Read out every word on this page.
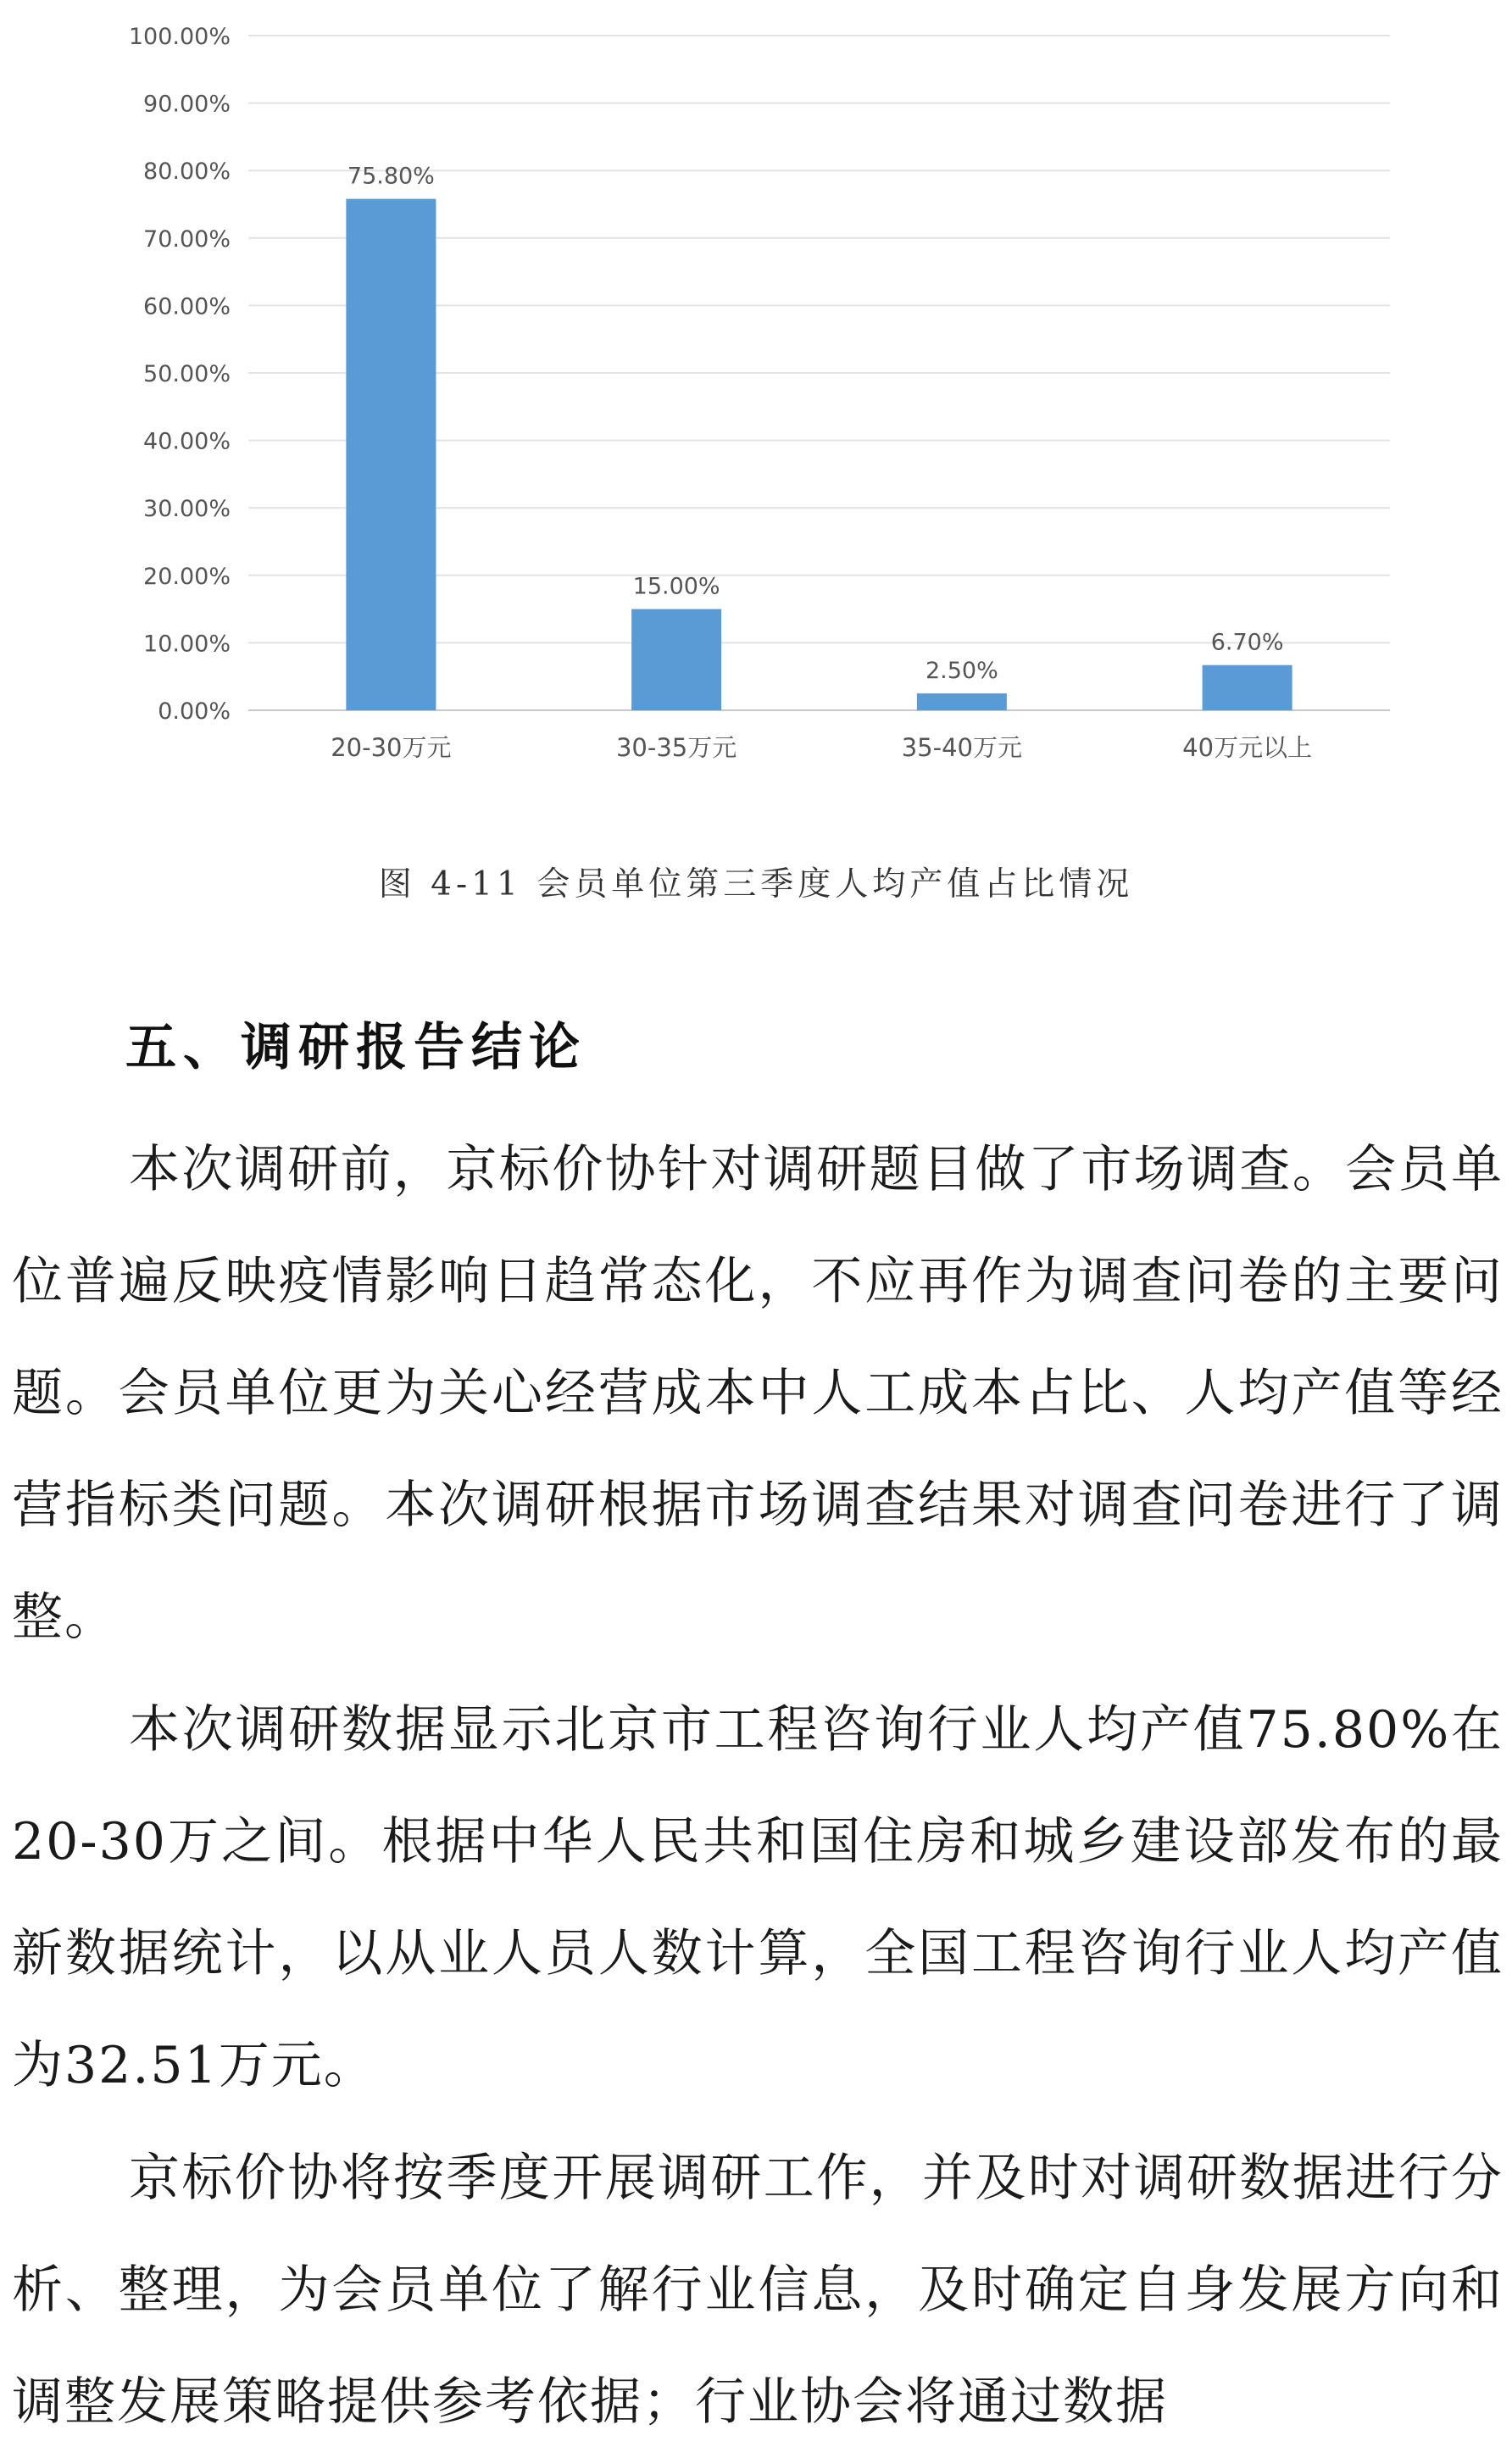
0.00%
10.00%
20.00%
30.00%
40.00%
50.00%
60.00%
70.00%
80.00%
90.00%
100.00%
75.80%
20-30万元
15.00%
30-35万元
2.50%
35-40万元
6.70%
40万元以上
图 4-11 会员单位第三季度人均产值占比情况
五、调研报告结论

本次调研前，京标价协针对调研题目做了市场调查。会员单位普遍反映疫情影响日趋常态化，不应再作为调查问卷的主要问题。会员单位更为关心经营成本中人工成本占比、人均产值等经营指标类问题。本次调研根据市场调查结果对调查问卷进行了调整。

本次调研数据显示北京市工程咨询行业人均产值75.80%在20-30万之间。根据中华人民共和国住房和城乡建设部发布的最新数据统计，以从业人员人数计算，全国工程咨询行业人均产值为32.51万元。

京标价协将按季度开展调研工作，并及时对调研数据进行分析、整理，为会员单位了解行业信息，及时确定自身发展方向和调整发展策略提供参考依据；行业协会将通过数据
